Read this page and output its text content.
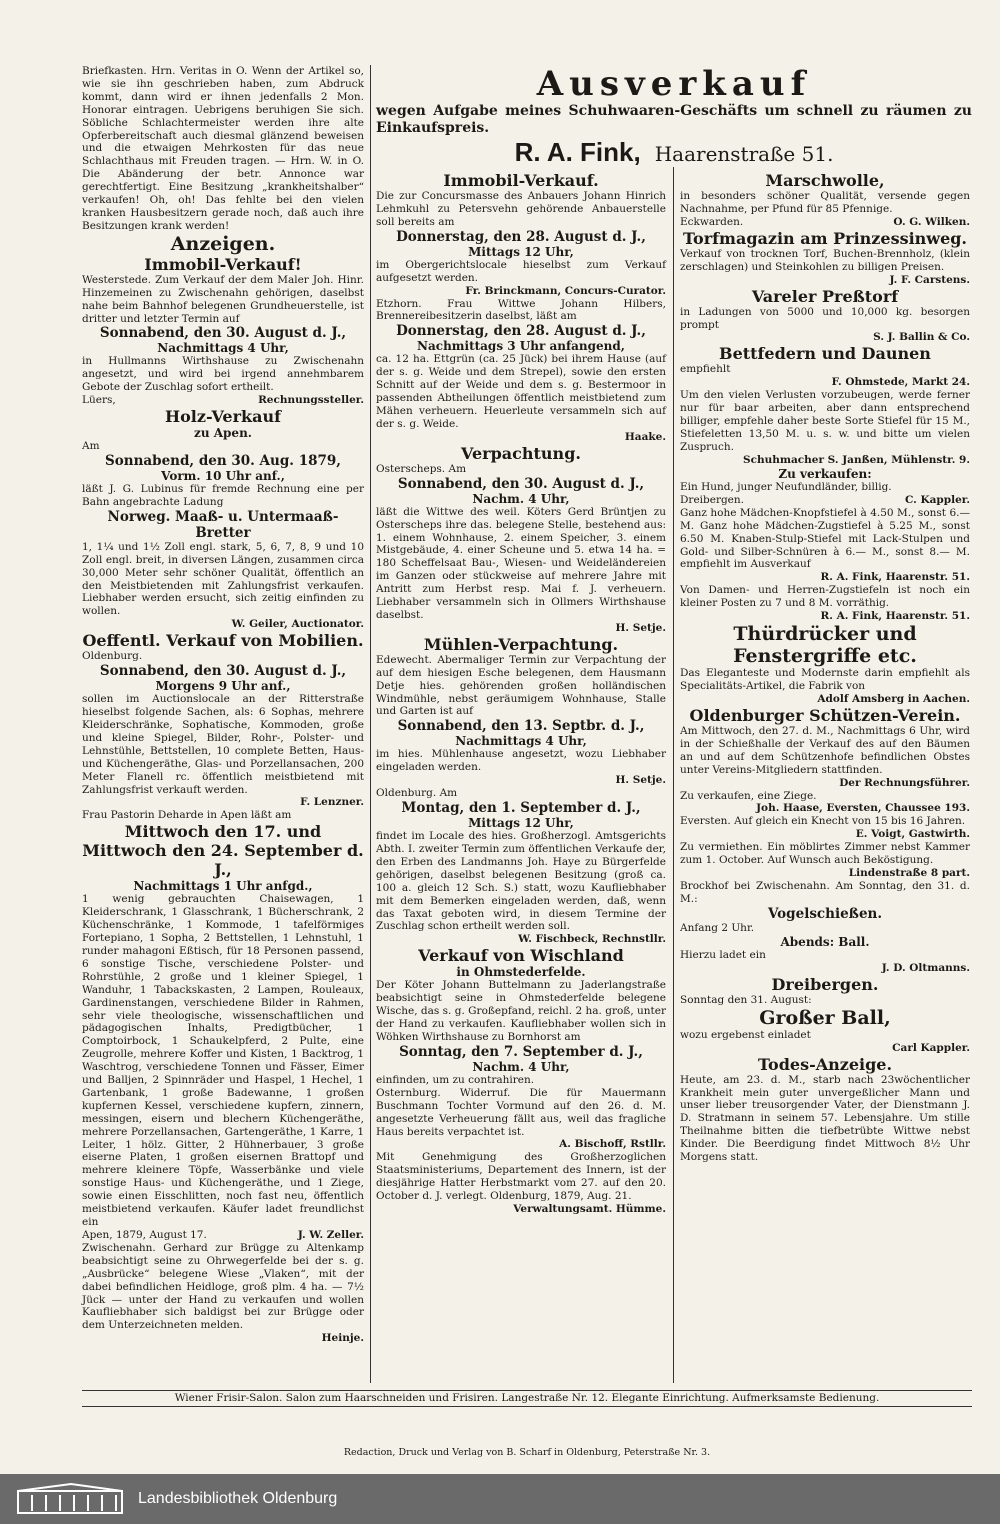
Ausverkauf
wegen Aufgabe meines Schuhwaaren-Geschäfts um schnell zu räumen zu Einkaufspreis.
R. A. Fink, Haarenstraße 51.
Briefkasten. Hrn. Veritas in O. Wenn der Artikel so, wie sie ihn geschrieben haben, zum Abdruck kommt, dann wird er ihnen jedenfalls 2 Mon. Honorar eintragen. Uebrigens beruhigen Sie sich. Söbliche Schlachtermeister werden ihre alte Opferbereitschaft auch diesmal glänzend beweisen und die etwaigen Mehrkosten für das neue Schlachthaus mit Freuden tragen. — Hrn. W. in O. Die Abänderung der betr. Annonce war gerechtfertigt. Eine Besitzung „krankheitshalber“ verkaufen! Oh, oh! Das fehlte bei den vielen kranken Hausbesitzern gerade noch, daß auch ihre Besitzungen krank werden!
Anzeigen.
Immobil-Verkauf!
Westerstede. Zum Verkauf der dem Maler Joh. Hinr. Hinzemeinen zu Zwischenahn gehörigen, daselbst nahe beim Bahnhof belegenen Grundheuerstelle, ist dritter und letzter Termin auf
Sonnabend, den 30. August d. J.,
Nachmittags 4 Uhr,
in Hullmanns Wirthshause zu Zwischenahn angesetzt, und wird bei irgend annehmbarem Gebote der Zuschlag sofort ertheilt.
Lüers,	Rechnungssteller.
Holz-Verkauf
zu Apen.
Am
Sonnabend, den 30. Aug. 1879,
Vorm. 10 Uhr anf.,
läßt J. G. Lubinus für fremde Rechnung eine per Bahn angebrachte Ladung
Norweg. Maaß- u. Untermaaß-Bretter
1, 1¼ und 1½ Zoll engl. stark, 5, 6, 7, 8, 9 und 10 Zoll engl. breit, in diversen Längen, zusammen circa 30,000 Meter sehr schöner Qualität, öffentlich an den Meistbietenden mit Zahlungsfrist verkaufen. Liebhaber werden ersucht, sich zeitig einfinden zu wollen.
W. Geiler, Auctionator.
Oeffentl. Verkauf von Mobilien.
Oldenburg.
Sonnabend, den 30. August d. J.,
Morgens 9 Uhr anf.,
sollen im Auctionslocale an der Ritterstraße hieselbst folgende Sachen, als: 6 Sophas, mehrere Kleiderschränke, Sophatische, Kommoden, große und kleine Spiegel, Bilder, Rohr-, Polster- und Lehnstühle, Bettstellen, 10 complete Betten, Haus- und Küchengeräthe, Glas- und Porzellansachen, 200 Meter Flanell rc. öffentlich meistbietend mit Zahlungsfrist verkauft werden.
F. Lenzner.
Frau Pastorin Deharde in Apen läßt am
Mittwoch den 17. und Mittwoch den 24. September d. J.,
Nachmittags 1 Uhr anfgd.,
1 wenig gebrauchten Chaisewagen, 1 Kleiderschrank, 1 Glasschrank, 1 Bücherschrank, 2 Küchenschränke, 1 Kommode, 1 tafelförmiges Fortepiano, 1 Sopha, 2 Bettstellen, 1 Lehnstuhl, 1 runder mahagoni Eßtisch, für 18 Personen passend, 6 sonstige Tische, verschiedene Polster- und Rohrstühle, 2 große und 1 kleiner Spiegel, 1 Wanduhr, 1 Tabackskasten, 2 Lampen, Rouleaux, Gardinenstangen, verschiedene Bilder in Rahmen, sehr viele theologische, wissenschaftlichen und pädagogischen Inhalts, Predigtbücher, 1 Comptoirbock, 1 Schaukelpferd, 2 Pulte, eine Zeugrolle, mehrere Koffer und Kisten, 1 Backtrog, 1 Waschtrog, verschiedene Tonnen und Fässer, Eimer und Balljen, 2 Spinnräder und Haspel, 1 Hechel, 1 Gartenbank, 1 große Badewanne, 1 großen kupfernen Kessel, verschiedene kupfern, zinnern, messingen, eisern und blechern Küchengeräthe, mehrere Porzellansachen, Gartengeräthe, 1 Karre, 1 Leiter, 1 hölz. Gitter, 2 Hühnerbauer, 3 große eiserne Platen, 1 großen eisernen Brattopf und mehrere kleinere Töpfe, Wasserbänke und viele sonstige Haus- und Küchengeräthe, und 1 Ziege, sowie einen Eisschlitten, noch fast neu, öffentlich meistbietend verkaufen. Käufer ladet freundlichst ein
Apen, 1879, August 17.	J. W. Zeller.
Zwischenahn. Gerhard zur Brügge zu Altenkamp beabsichtigt seine zu Ohrwegerfelde bei der s. g. „Ausbrücke“ belegene Wiese „Vlaken“, mit der dabei befindlichen Heidloge, groß plm. 4 ha. — 7½ Jück — unter der Hand zu verkaufen und wollen Kaufliebhaber sich baldigst bei zur Brügge oder dem Unterzeichneten melden.
Heinje.
Immobil-Verkauf.
Die zur Concursmasse des Anbauers Johann Hinrich Lehmkuhl zu Petersvehn gehörende Anbauerstelle soll bereits am
Donnerstag, den 28. August d. J.,
Mittags 12 Uhr,
im Obergerichtslocale hieselbst zum Verkauf aufgesetzt werden.
Fr. Brinckmann, Concurs-Curator.
Etzhorn. Frau Wittwe Johann Hilbers, Brennereibesitzerin daselbst, läßt am
Donnerstag, den 28. August d. J.,
Nachmittags 3 Uhr anfangend,
ca. 12 ha. Ettgrün (ca. 25 Jück) bei ihrem Hause (auf der s. g. Weide und dem Strepel), sowie den ersten Schnitt auf der Weide und dem s. g. Bestermoor in passenden Abtheilungen öffentlich meistbietend zum Mähen verheuern. Heuerleute versammeln sich auf der s. g. Weide.
Haake.
Verpachtung.
Osterscheps. Am
Sonnabend, den 30. August d. J.,
Nachm. 4 Uhr,
läßt die Wittwe des weil. Köters Gerd Brüntjen zu Osterscheps ihre das. belegene Stelle, bestehend aus: 1. einem Wohnhause, 2. einem Speicher, 3. einem Mistgebäude, 4. einer Scheune und 5. etwa 14 ha. = 180 Scheffelsaat Bau-, Wiesen- und Weideländereien im Ganzen oder stückweise auf mehrere Jahre mit Antritt zum Herbst resp. Mai f. J. verheuern. Liebhaber versammeln sich in Ollmers Wirthshause daselbst.
H. Setje.
Mühlen-Verpachtung.
Edewecht. Abermaliger Termin zur Verpachtung der auf dem hiesigen Esche belegenen, dem Hausmann Detje hies. gehörenden großen holländischen Windmühle, nebst geräumigem Wohnhause, Stalle und Garten ist auf
Sonnabend, den 13. Septbr. d. J.,
Nachmittags 4 Uhr,
im hies. Mühlenhause angesetzt, wozu Liebhaber eingeladen werden.
H. Setje.
Oldenburg. Am
Montag, den 1. September d. J.,
Mittags 12 Uhr,
findet im Locale des hies. Großherzogl. Amtsgerichts Abth. I. zweiter Termin zum öffentlichen Verkaufe der, den Erben des Landmanns Joh. Haye zu Bürgerfelde gehörigen, daselbst belegenen Besitzung (groß ca. 100 a. gleich 12 Sch. S.) statt, wozu Kaufliebhaber mit dem Bemerken eingeladen werden, daß, wenn das Taxat geboten wird, in diesem Termine der Zuschlag schon ertheilt werden soll.
W. Fischbeck, Rechnstllr.
Verkauf von Wischland
in Ohmstederfelde.
Der Köter Johann Buttelmann zu Jaderlangstraße beabsichtigt seine in Ohmstederfelde belegene Wische, das s. g. Großepfand, reichl. 2 ha. groß, unter der Hand zu verkaufen. Kaufliebhaber wollen sich in Wöhken Wirthshause zu Bornhorst am
Sonntag, den 7. September d. J.,
Nachm. 4 Uhr,
einfinden, um zu contrahiren.
Osternburg. Widerruf. Die für Mauermann Buschmann Tochter Vormund auf den 26. d. M. angesetzte Verheuerung fällt aus, weil das fragliche Haus bereits verpachtet ist.
A. Bischoff, Rstllr.
Mit Genehmigung des Großherzoglichen Staatsministeriums, Departement des Innern, ist der diesjährige Hatter Herbstmarkt vom 27. auf den 20. October d. J. verlegt. Oldenburg, 1879, Aug. 21.
Verwaltungsamt. Hümme.
Marschwolle,
in besonders schöner Qualität, versende gegen Nachnahme, per Pfund für 85 Pfennige.
Eckwarden.	O. G. Wilken.
Torfmagazin am Prinzessinweg.
Verkauf von trocknen Torf, Buchen-Brennholz, (klein zerschlagen) und Steinkohlen zu billigen Preisen.
J. F. Carstens.
Vareler Preßtorf
in Ladungen von 5000 und 10,000 kg. besorgen prompt
S. J. Ballin & Co.
Bettfedern und Daunen
empfiehlt
F. Ohmstede, Markt 24.
Um den vielen Verlusten vorzubeugen, werde ferner nur für baar arbeiten, aber dann entsprechend billiger, empfehle daher beste Sorte Stiefel für 15 M., Stiefeletten 13,50 M. u. s. w. und bitte um vielen Zuspruch.
Schuhmacher S. Janßen, Mühlenstr. 9.
Zu verkaufen:
Ein Hund, junger Neufundländer, billig.
Dreibergen.	C. Kappler.
Ganz hohe Mädchen-Knopfstiefel à 4.50 M., sonst 6.— M. Ganz hohe Mädchen-Zugstiefel à 5.25 M., sonst 6.50 M. Knaben-Stulp-Stiefel mit Lack-Stulpen und Gold- und Silber-Schnüren à 6.— M., sonst 8.— M. empfiehlt im Ausverkauf
R. A. Fink, Haarenstr. 51.
Von Damen- und Herren-Zugstiefeln ist noch ein kleiner Posten zu 7 und 8 M. vorräthig.
R. A. Fink, Haarenstr. 51.
Thürdrücker und Fenstergriffe etc.
Das Eleganteste und Modernste darin empfiehlt als Specialitäts-Artikel, die Fabrik von
Adolf Amsberg in Aachen.
Oldenburger Schützen-Verein.
Am Mittwoch, den 27. d. M., Nachmittags 6 Uhr, wird in der Schießhalle der Verkauf des auf den Bäumen an und auf dem Schützenhofe befindlichen Obstes unter Vereins-Mitgliedern stattfinden.
Der Rechnungsführer.
Zu verkaufen, eine Ziege.
Joh. Haase, Eversten, Chaussee 193.
Eversten. Auf gleich ein Knecht von 15 bis 16 Jahren.
E. Voigt, Gastwirth.
Zu vermiethen. Ein möblirtes Zimmer nebst Kammer zum 1. October. Auf Wunsch auch Beköstigung.
Lindenstraße 8 part.
Brockhof bei Zwischenahn. Am Sonntag, den 31. d. M.:
Vogelschießen.
Anfang 2 Uhr.
Abends: Ball.
Hierzu ladet ein
J. D. Oltmanns.
Dreibergen.
Sonntag den 31. August:
Großer Ball,
wozu ergebenst einladet
Carl Kappler.
Todes-Anzeige.
Heute, am 23. d. M., starb nach 23wöchentlicher Krankheit mein guter unvergeßlicher Mann und unser lieber treusorgender Vater, der Dienstmann J. D. Stratmann in seinem 57. Lebensjahre. Um stille Theilnahme bitten die tiefbetrübte Wittwe nebst Kinder. Die Beerdigung findet Mittwoch 8½ Uhr Morgens statt.
Wiener Frisir-Salon. Salon zum Haarschneiden und Frisiren. Langestraße Nr. 12. Elegante Einrichtung. Aufmerksamste Bedienung.
Redaction, Druck und Verlag von B. Scharf in Oldenburg, Peterstraße Nr. 3.
Landesbibliothek Oldenburg
